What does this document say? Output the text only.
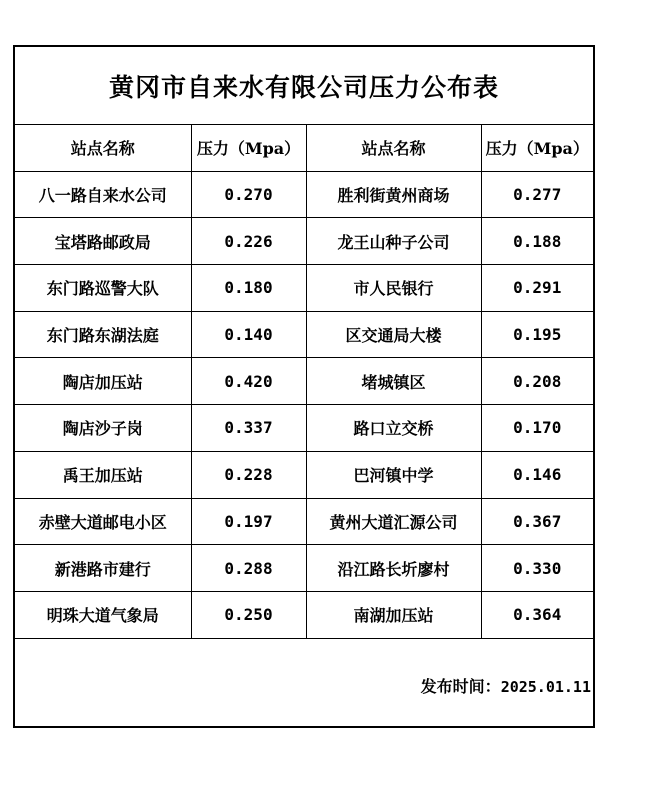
黄冈市自来水有限公司压力公布表
站点名称	压力（Mpa）	站点名称	压力（Mpa）
八一路自来水公司	0.270	胜利街黄州商场	0.277
宝塔路邮政局	0.226	龙王山种子公司	0.188
东门路巡警大队	0.180	市人民银行	0.291
东门路东湖法庭	0.140	区交通局大楼	0.195
陶店加压站	0.420	堵城镇区	0.208
陶店沙子岗	0.337	路口立交桥	0.170
禹王加压站	0.228	巴河镇中学	0.146
赤壁大道邮电小区	0.197	黄州大道汇源公司	0.367
新港路市建行	0.288	沿江路长圻廖村	0.330
明珠大道气象局	0.250	南湖加压站	0.364
发布时间：2025.01.11
